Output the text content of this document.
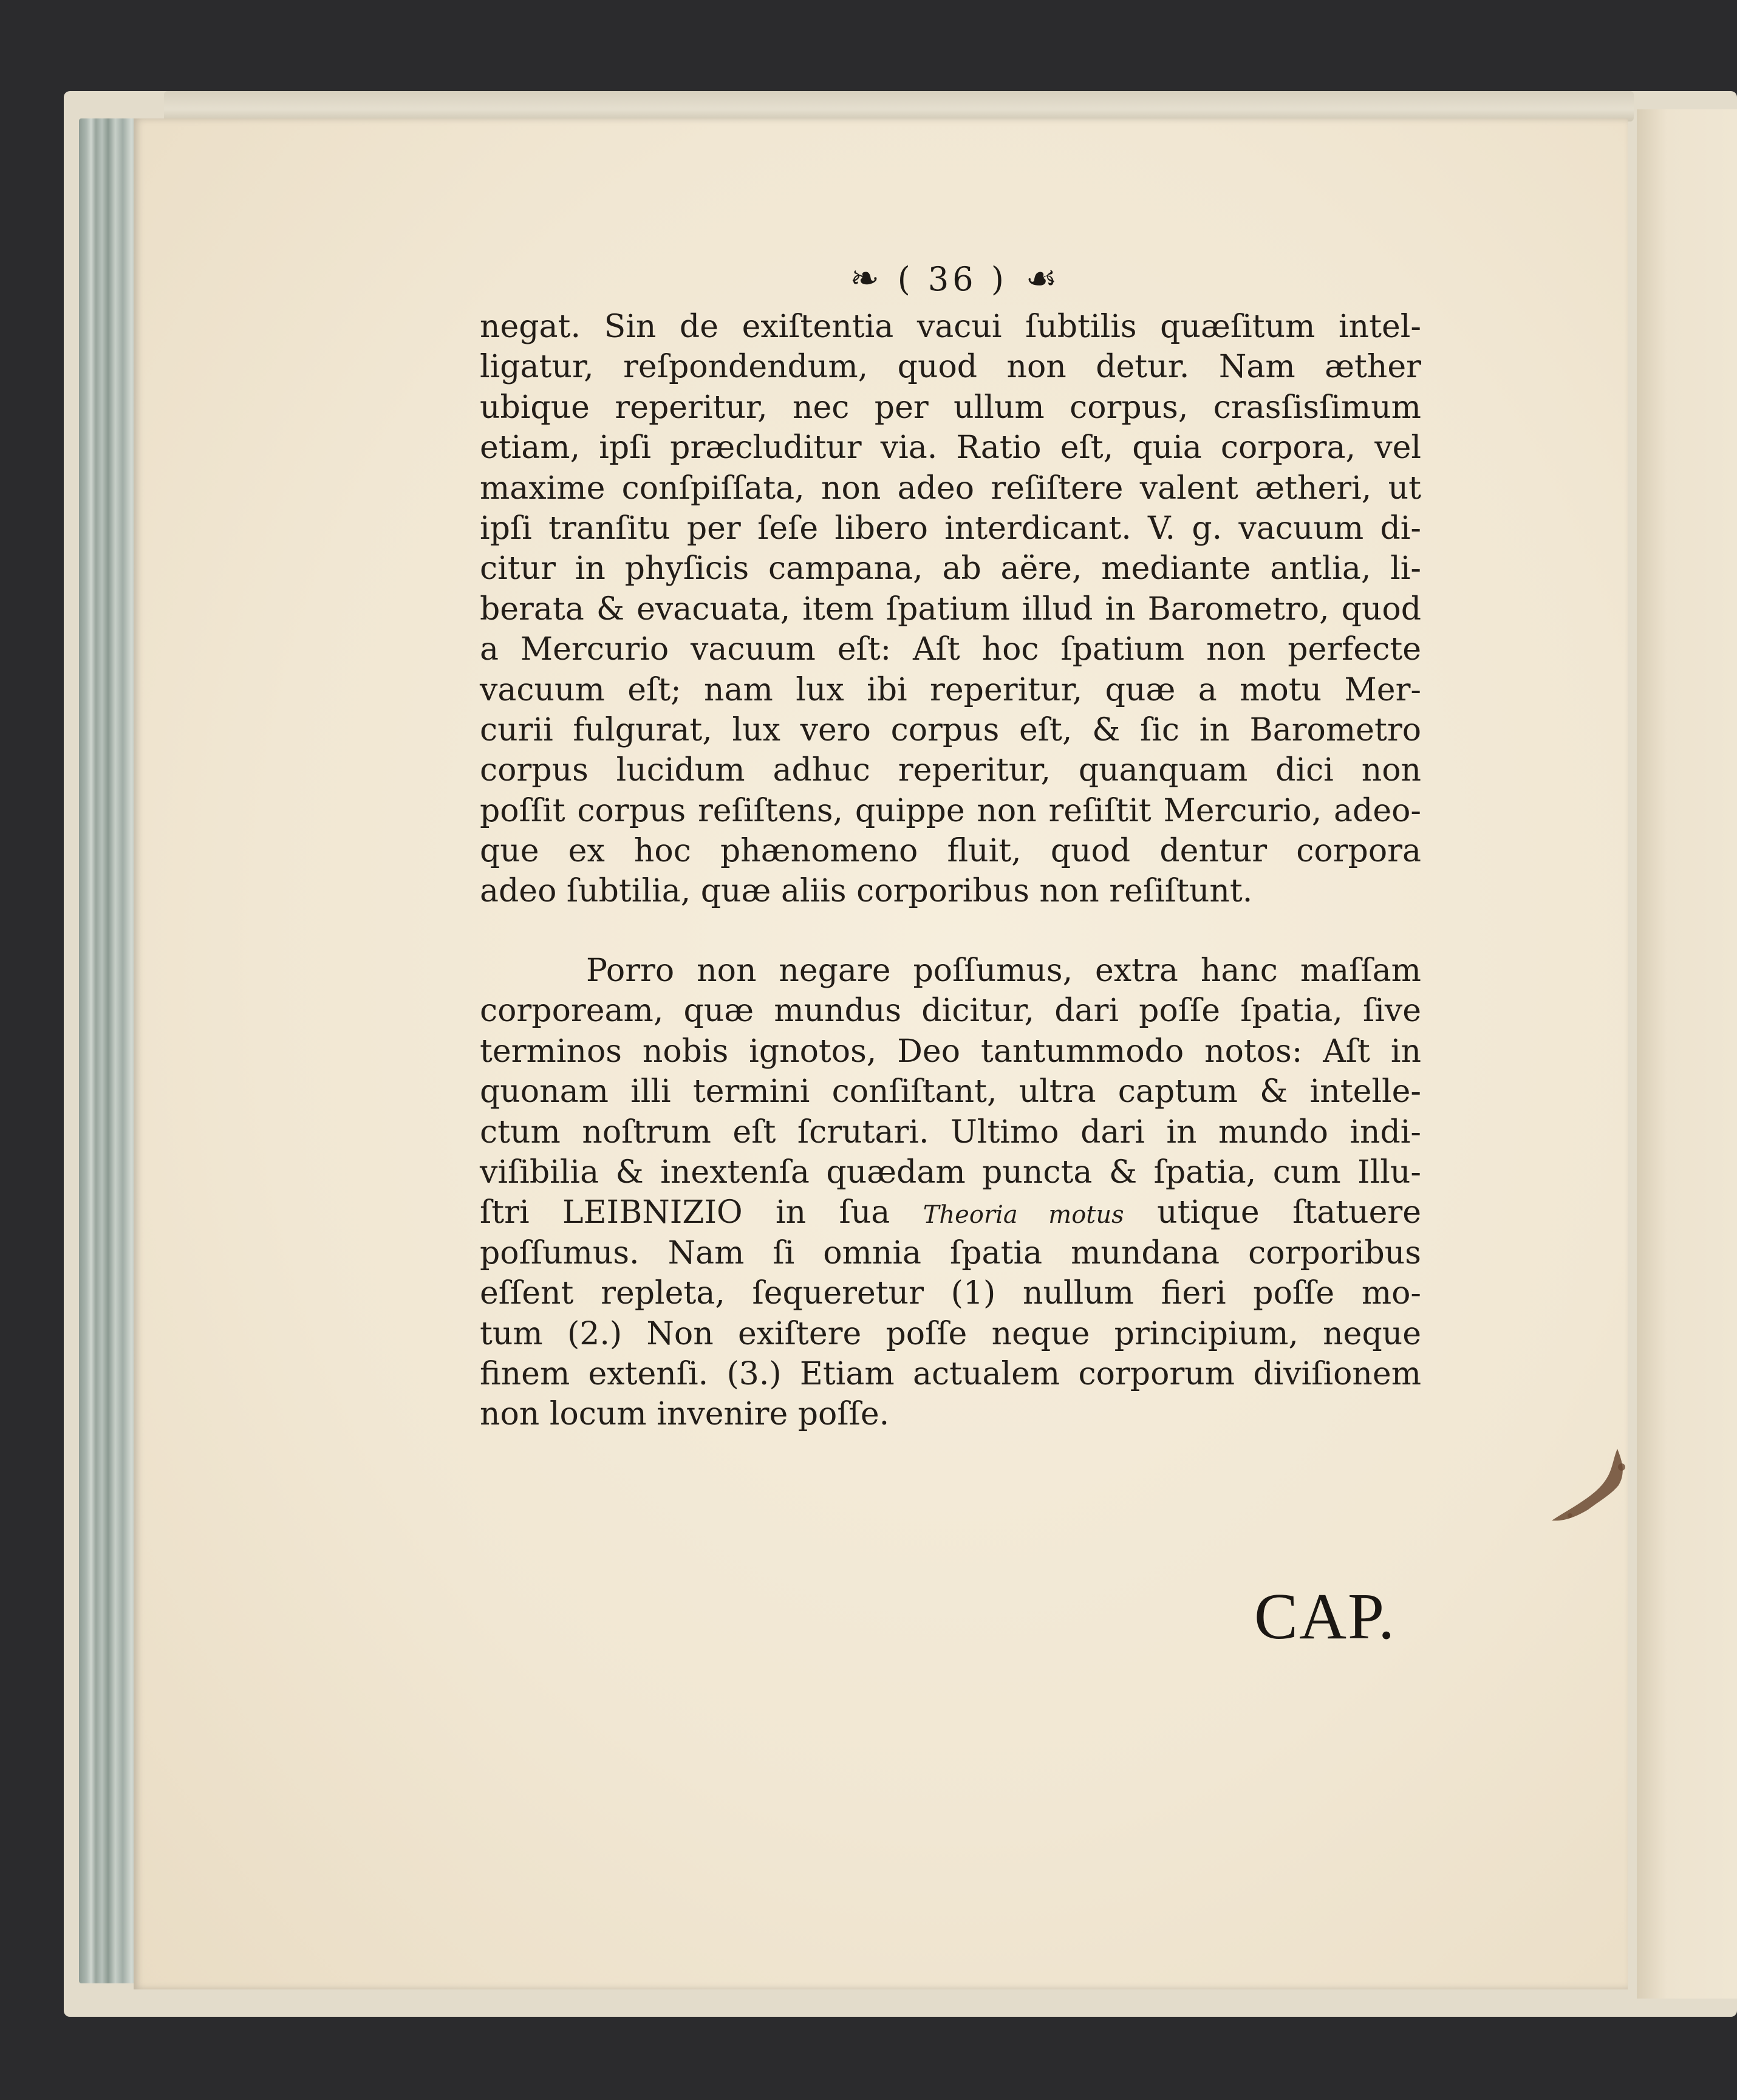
❧ ( 36 ) ☙
negat. Sin de exiſtentia vacui ſubtilis quæſitum intel-
ligatur, reſpondendum, quod non detur. Nam æther
ubique reperitur, nec per ullum corpus, crasſisſimum
etiam, ipſi præcluditur via. Ratio eſt, quia corpora, vel
maxime conſpiſſata, non adeo reſiſtere valent ætheri, ut
ipſi tranſitu per ſeſe libero interdicant. V. g. vacuum di-
citur in phyſicis campana, ab aëre, mediante antlia, li-
berata & evacuata, item ſpatium illud in Barometro, quod
a Mercurio vacuum eſt: Aſt hoc ſpatium non perfecte
vacuum eſt; nam lux ibi reperitur, quæ a motu Mer-
curii fulgurat, lux vero corpus eſt, & ſic in Barometro
corpus lucidum adhuc reperitur, quanquam dici non
poſſit corpus reſiſtens, quippe non reſiſtit Mercurio, adeo-
que ex hoc phænomeno fluit, quod dentur corpora
adeo ſubtilia, quæ aliis corporibus non reſiſtunt.
Porro non negare poſſumus, extra hanc maſſam
corpoream, quæ mundus dicitur, dari poſſe ſpatia, ſive
terminos nobis ignotos, Deo tantummodo notos: Aſt in
quonam illi termini conſiſtant, ultra captum & intelle-
ctum noſtrum eſt ſcrutari. Ultimo dari in mundo indi-
viſibilia & inextenſa quædam puncta & ſpatia, cum Illu-
ſtri LEIBNIZIO in ſua Theoria motus utique ſtatuere
poſſumus. Nam ſi omnia ſpatia mundana corporibus
eſſent repleta, ſequeretur (1) nullum fieri poſſe mo-
tum (2.) Non exiſtere poſſe neque principium, neque
finem extenſi. (3.) Etiam actualem corporum diviſionem
non locum invenire poſſe.
CAP.
